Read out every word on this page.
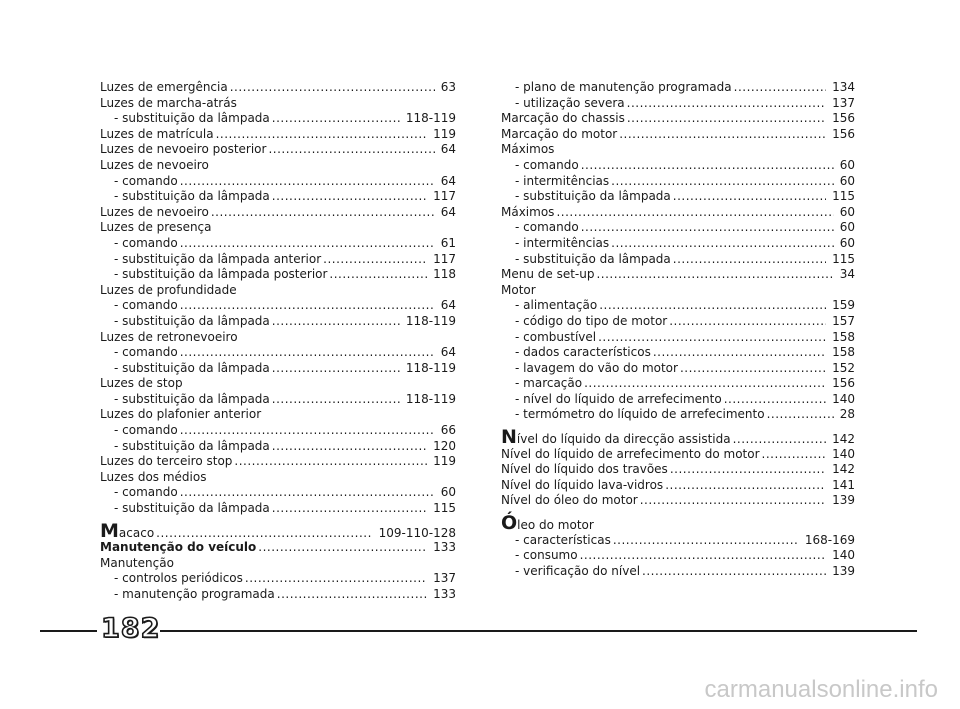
Luzes de emergência .....	63
Luzes de marcha-atrás
- substituição da lâmpada .....	118-119
Luzes de matrícula .....	119
Luzes de nevoeiro posterior .....	64
Luzes de nevoeiro
- comando .....	64
- substituição da lâmpada .....	117
Luzes de nevoeiro .....	64
Luzes de presença
- comando .....	61
- substituição da lâmpada anterior .....	117
- substituição da lâmpada posterior .....	118
Luzes de profundidade
- comando .....	64
- substituição da lâmpada .....	118-119
Luzes de retronevoeiro
- comando .....	64
- substituição da lâmpada .....	118-119
Luzes de stop
- substituição da lâmpada .....	118-119
Luzes do plafonier anterior
- comando .....	66
- substituição da lâmpada .....	120
Luzes do terceiro stop .....	119
Luzes dos médios
- comando .....	60
- substituição da lâmpada .....	115
Macaco .....	109-110-128
Manutenção do veículo .....	133
Manutenção
- controlos periódicos .....	137
- manutenção programada .....	133
- plano de manutenção programada .....	134
- utilização severa .....	137
Marcação do chassis .....	156
Marcação do motor .....	156
Máximos
- comando .....	60
- intermitências .....	60
- substituição da lâmpada .....	115
Máximos .....	60
- comando .....	60
- intermitências .....	60
- substituição da lâmpada .....	115
Menu de set-up .....	34
Motor
- alimentação .....	159
- código do tipo de motor .....	157
- combustível .....	158
- dados característicos .....	158
- lavagem do vão do motor .....	152
- marcação .....	156
- nível do líquido de arrefecimento .....	140
- termómetro do líquido de arrefecimento .....	28
Nível do líquido da direcção assistida .....	142
Nível do líquido de arrefecimento do motor .....	140
Nível do líquido dos travões .....	142
Nível do líquido lava-vidros .....	141
Nível do óleo do motor .....	139
Óleo do motor
- características .....	168-169
- consumo .....	140
- verificação do nível .....	139
182
carmanualsonline.info
